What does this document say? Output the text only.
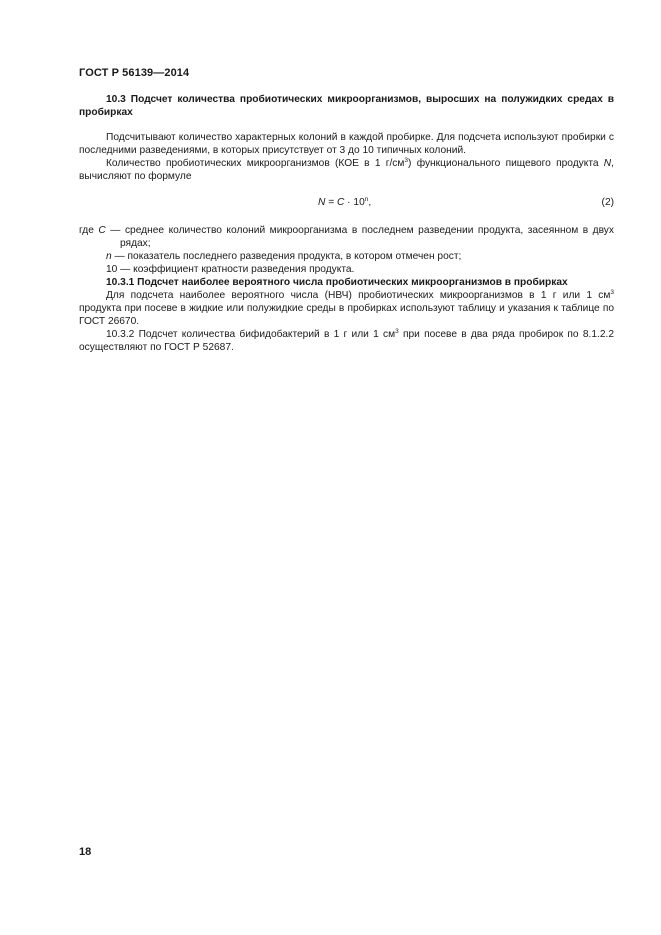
ГОСТ Р 56139—2014

10.3 Подсчет количества пробиотических микроорганизмов, выросших на полужидких средах в пробирках

Подсчитывают количество характерных колоний в каждой пробирке. Для подсчета используют пробирки с последними разведениями, в которых присутствует от 3 до 10 типичных колоний.

Количество пробиотических микроорганизмов (КОЕ в 1 $г/см^3$) функционального пищевого продукта N, вычисляют по формуле

$N = C \cdot 10^n$,	(2)

где C — среднее количество колоний микроорганизма в последнем разведении продукта, засеянном в двух рядах;

n — показатель последнего разведения продукта, в котором отмечен рост;

10 — коэффициент кратности разведения продукта.

10.3.1 Подсчет наиболее вероятного числа пробиотических микроорганизмов в пробирках

Для подсчета наиболее вероятного числа (НВЧ) пробиотических микроорганизмов в 1 г или 1 $см^3$ продукта при посеве в жидкие или полужидкие среды в пробирках используют таблицу и указания к таблице по ГОСТ 26670.

10.3.2 Подсчет количества бифидобактерий в 1 г или 1 $см^3$ при посеве в два ряда пробирок по 8.1.2.2 осуществляют по ГОСТ Р 52687.

18
